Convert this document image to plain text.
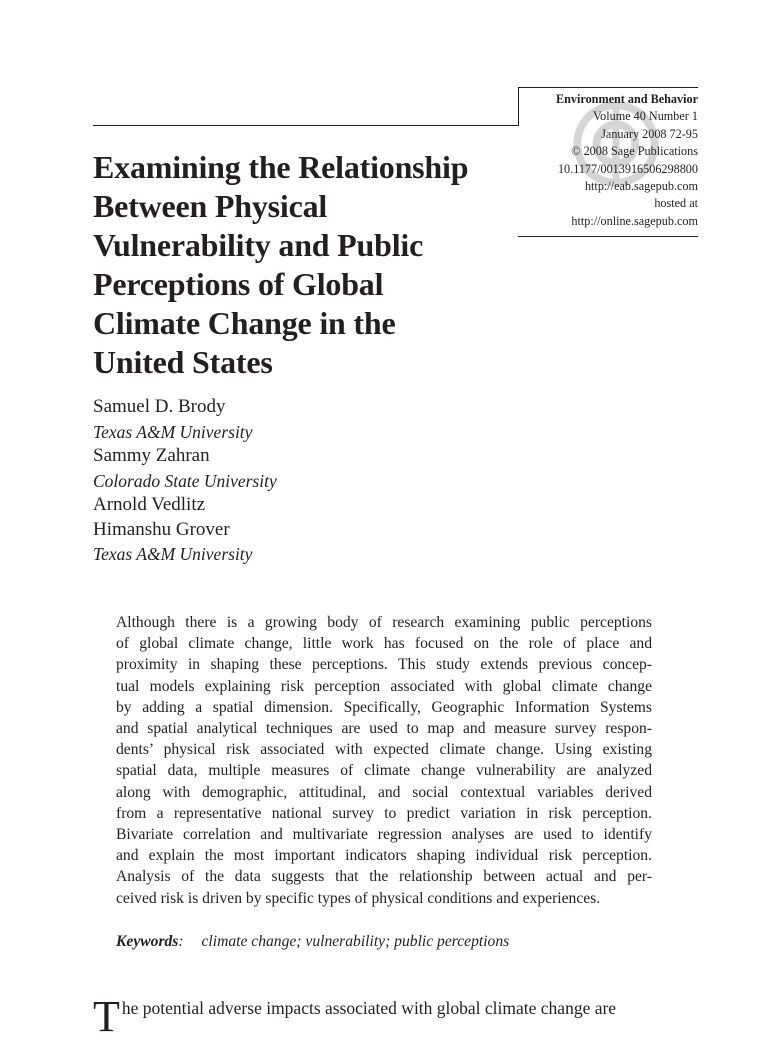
Environment and Behavior
Volume 40 Number 1
January 2008 72-95
© 2008 Sage Publications
10.1177/0013916506298800
http://eab.sagepub.com
hosted at
http://online.sagepub.com
Examining the Relationship
Between Physical
Vulnerability and Public
Perceptions of Global
Climate Change in the
United States
Samuel D. Brody
Texas A&M University
Sammy Zahran
Colorado State University
Arnold Vedlitz
Himanshu Grover
Texas A&M University
Although there is a growing body of research examining public perceptions
of global climate change, little work has focused on the role of place and
proximity in shaping these perceptions. This study extends previous concep-
tual models explaining risk perception associated with global climate change
by adding a spatial dimension. Specifically, Geographic Information Systems
and spatial analytical techniques are used to map and measure survey respon-
dents’ physical risk associated with expected climate change. Using existing
spatial data, multiple measures of climate change vulnerability are analyzed
along with demographic, attitudinal, and social contextual variables derived
from a representative national survey to predict variation in risk perception.
Bivariate correlation and multivariate regression analyses are used to identify
and explain the most important indicators shaping individual risk perception.
Analysis of the data suggests that the relationship between actual and per-
ceived risk is driven by specific types of physical conditions and experiences.
Keywords: climate change; vulnerability; public perceptions
T he potential adverse impacts associated with global climate change are
